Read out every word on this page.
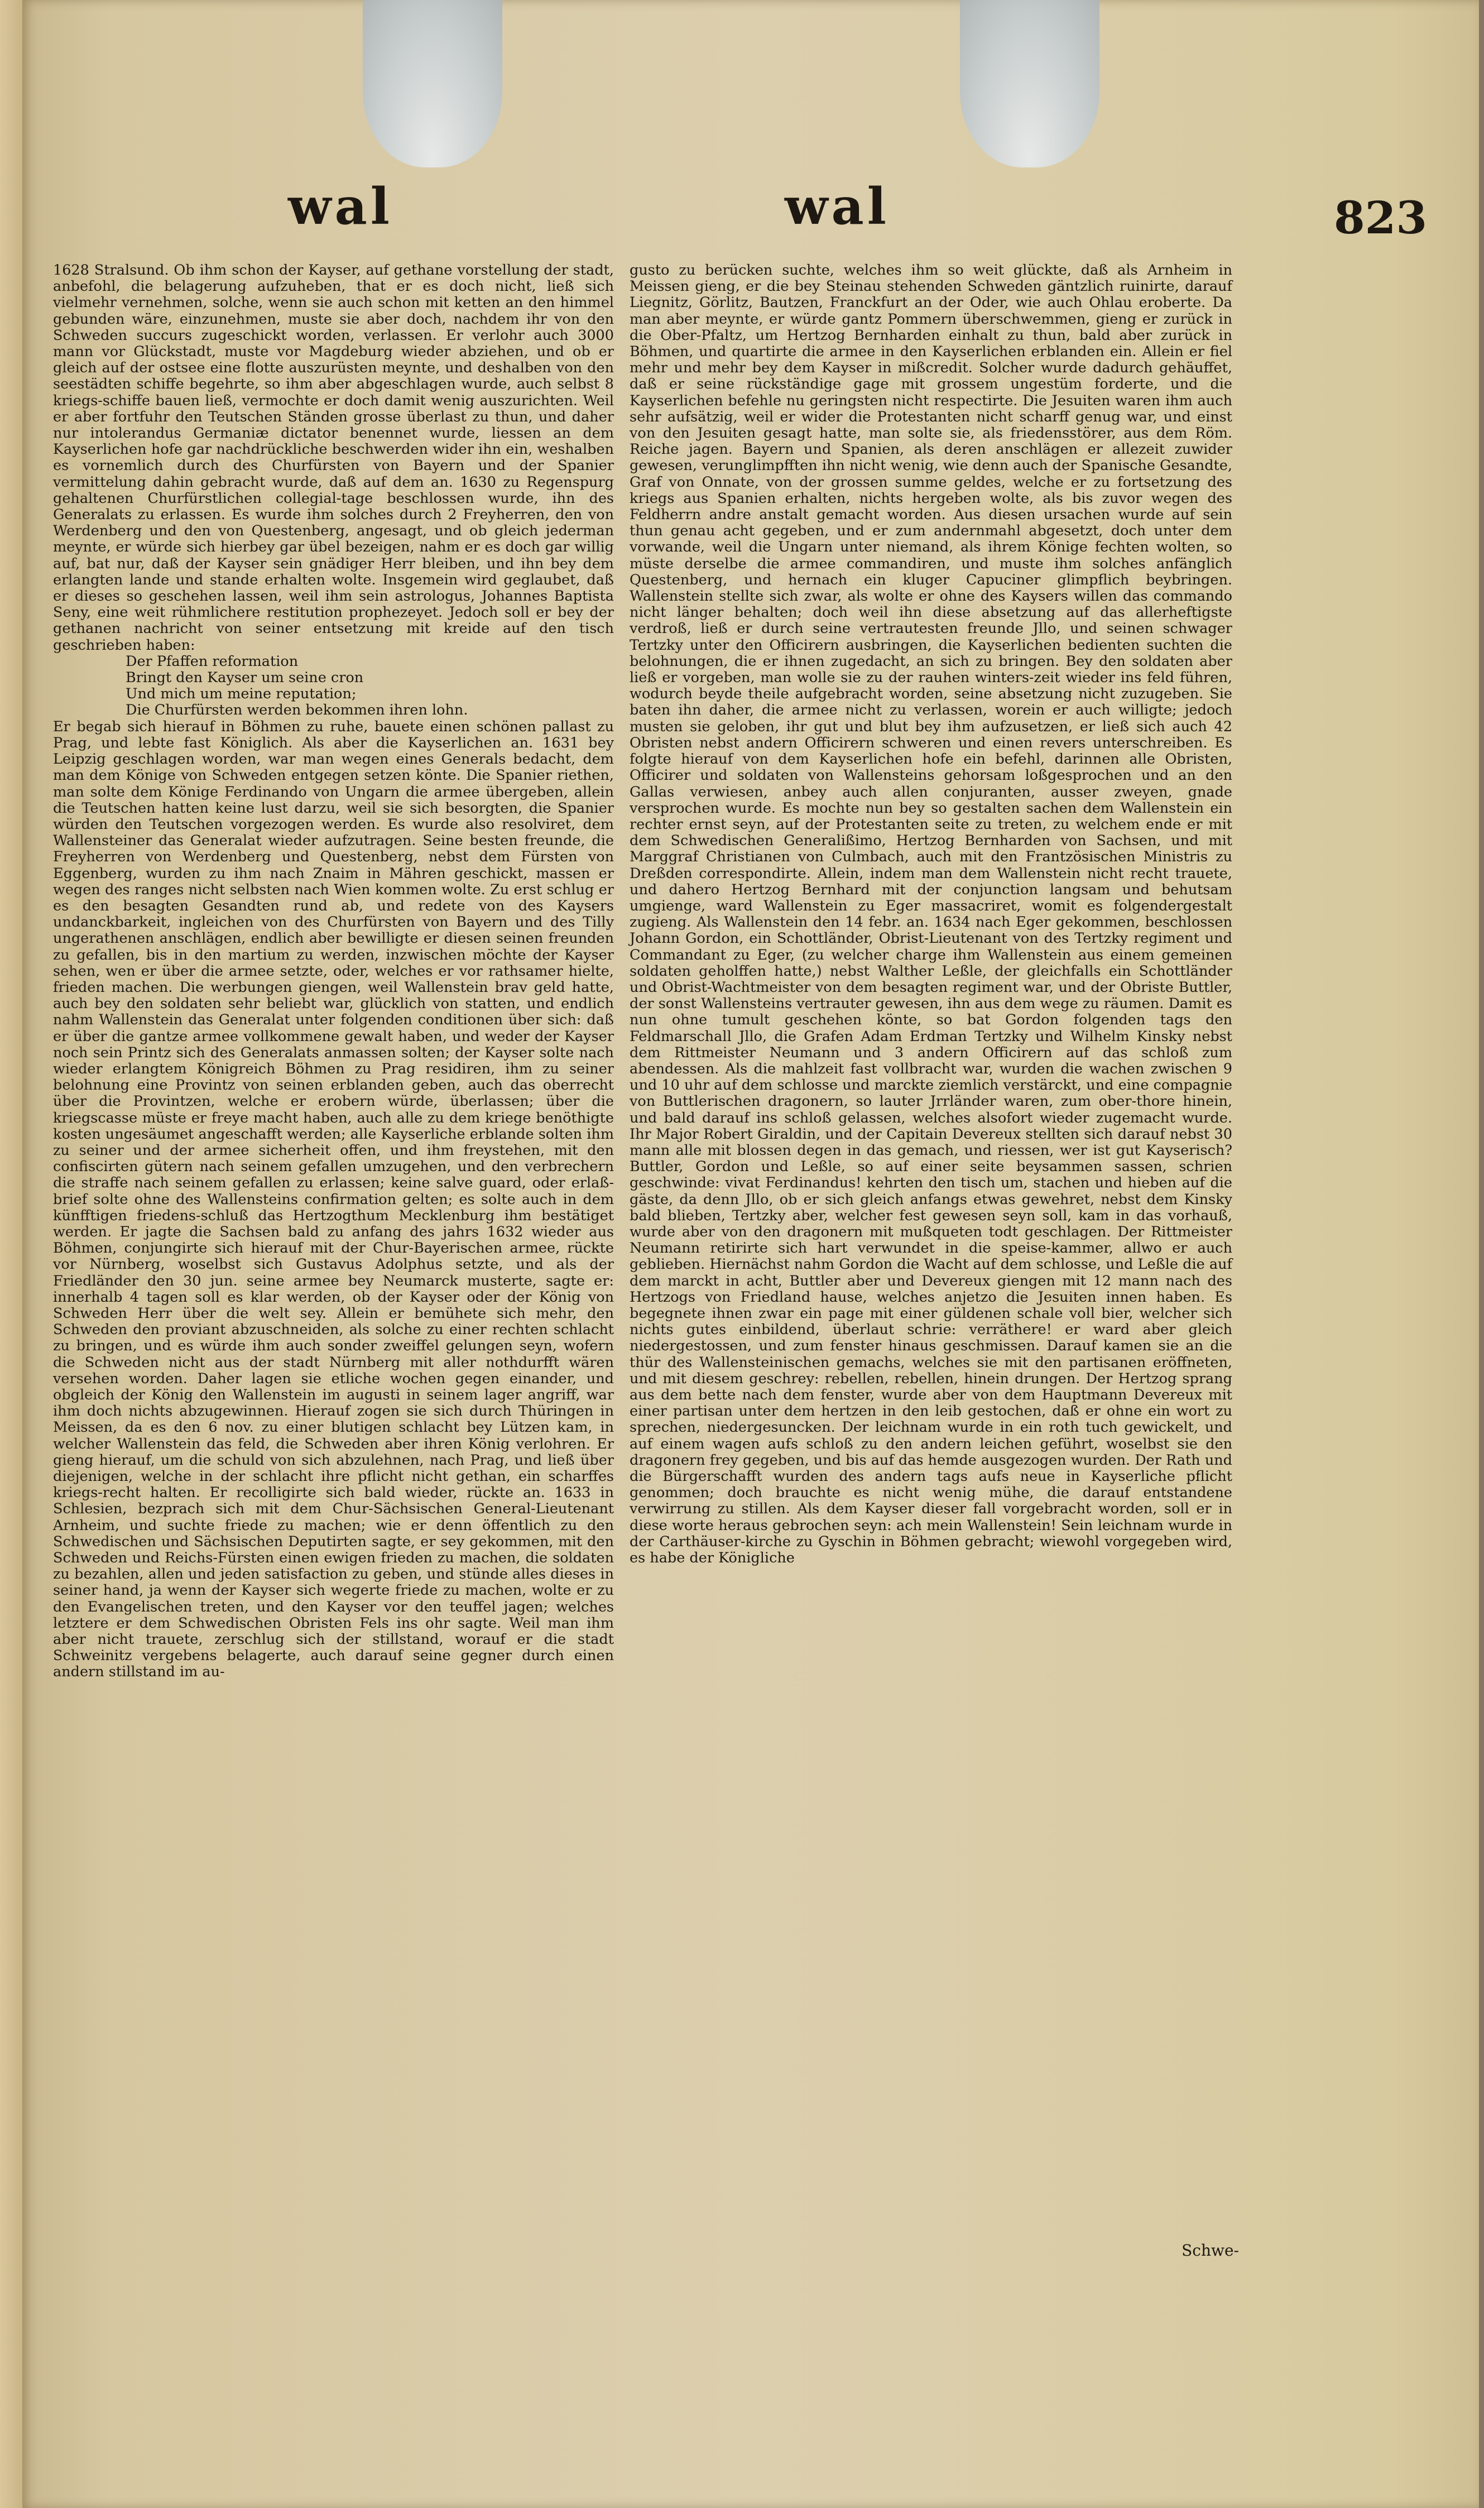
wal	wal	823
1628 Stralsund. Ob ihm schon der Kayser, auf gethane vorstellung der stadt, anbefohl, die belagerung aufzuheben, that er es doch nicht, ließ sich vielmehr vernehmen, solche, wenn sie auch schon mit ketten an den himmel gebunden wäre, einzunehmen, muste sie aber doch, nachdem ihr von den Schweden succurs zugeschickt worden, verlassen. Er verlohr auch 3000 mann vor Glückstadt, muste vor Magdeburg wieder abziehen, und ob er gleich auf der ostsee eine flotte auszurüsten meynte, und deshalben von den seestädten schiffe begehrte, so ihm aber abgeschlagen wurde, auch selbst 8 kriegs-schiffe bauen ließ, vermochte er doch damit wenig auszurichten. Weil er aber fortfuhr den Teutschen Ständen grosse überlast zu thun, und daher nur intolerandus Germaniæ dictator benennet wurde, liessen an dem Kayserlichen hofe gar nachdrückliche beschwerden wider ihn ein, weshalben es vornemlich durch des Churfürsten von Bayern und der Spanier vermittelung dahin gebracht wurde, daß auf dem an. 1630 zu Regenspurg gehaltenen Churfürstlichen collegial-tage beschlossen wurde, ihn des Generalats zu erlassen. Es wurde ihm solches durch 2 Freyherren, den von Werdenberg und den von Questenberg, angesagt, und ob gleich jederman meynte, er würde sich hierbey gar übel bezeigen, nahm er es doch gar willig auf, bat nur, daß der Kayser sein gnädiger Herr bleiben, und ihn bey dem erlangten lande und stande erhalten wolte. Insgemein wird geglaubet, daß er dieses so geschehen lassen, weil ihm sein astrologus, Johannes Baptista Seny, eine weit rühmlichere restitution prophezeyet. Jedoch soll er bey der gethanen nachricht von seiner entsetzung mit kreide auf den tisch geschrieben haben:

Der Pfaffen reformation
Bringt den Kayser um seine cron
Und mich um meine reputation;
Die Churfürsten werden bekommen ihren lohn.
Er begab sich hierauf in Böhmen zu ruhe, bauete einen schönen pallast zu Prag, und lebte fast Königlich. Als aber die Kayserlichen an. 1631 bey Leipzig geschlagen worden, war man wegen eines Generals bedacht, dem man dem Könige von Schweden entgegen setzen könte. Die Spanier riethen, man solte dem Könige Ferdinando von Ungarn die armee übergeben, allein die Teutschen hatten keine lust darzu, weil sie sich besorgten, die Spanier würden den Teutschen vorgezogen werden. Es wurde also resolviret, dem Wallensteiner das Generalat wieder aufzutragen. Seine besten freunde, die Freyherren von Werdenberg und Questenberg, nebst dem Fürsten von Eggenberg, wurden zu ihm nach Znaim in Mähren geschickt, massen er wegen des ranges nicht selbsten nach Wien kommen wolte. Zu erst schlug er es den besagten Gesandten rund ab, und redete von des Kaysers undanckbarkeit, ingleichen von des Churfürsten von Bayern und des Tilly ungerathenen anschlägen, endlich aber bewilligte er diesen seinen freunden zu gefallen, bis in den martium zu werden, inzwischen möchte der Kayser sehen, wen er über die armee setzte, oder, welches er vor rathsamer hielte, frieden machen. Die werbungen giengen, weil Wallenstein brav geld hatte, auch bey den soldaten sehr beliebt war, glücklich von statten, und endlich nahm Wallenstein das Generalat unter folgenden conditionen über sich: daß er über die gantze armee vollkommene gewalt haben, und weder der Kayser noch sein Printz sich des Generalats anmassen solten; der Kayser solte nach wieder erlangtem Königreich Böhmen zu Prag residiren, ihm zu seiner belohnung eine Provintz von seinen erblanden geben, auch das oberrecht über die Provintzen, welche er erobern würde, überlassen; über die kriegscasse müste er freye macht haben, auch alle zu dem kriege benöthigte kosten ungesäumet angeschafft werden; alle Kayserliche erblande solten ihm zu seiner und der armee sicherheit offen, und ihm freystehen, mit den confiscirten gütern nach seinem gefallen umzugehen, und den verbrechern die straffe nach seinem gefallen zu erlassen; keine salve guard, oder erlaß-brief solte ohne des Wallensteins confirmation gelten; es solte auch in dem künfftigen friedens-schluß das Hertzogthum Mecklenburg ihm bestätiget werden. Er jagte die Sachsen bald zu anfang des jahrs 1632 wieder aus Böhmen, conjungirte sich hierauf mit der Chur-Bayerischen armee, rückte vor Nürnberg, woselbst sich Gustavus Adolphus setzte, und als der Friedländer den 30 jun. seine armee bey Neumarck musterte, sagte er: innerhalb 4 tagen soll es klar werden, ob der Kayser oder der König von Schweden Herr über die welt sey. Allein er bemühete sich mehr, den Schweden den proviant abzuschneiden, als solche zu einer rechten schlacht zu bringen, und es würde ihm auch sonder zweiffel gelungen seyn, wofern die Schweden nicht aus der stadt Nürnberg mit aller nothdurfft wären versehen worden. Daher lagen sie etliche wochen gegen einander, und obgleich der König den Wallenstein im augusti in seinem lager angriff, war ihm doch nichts abzugewinnen. Hierauf zogen sie sich durch Thüringen in Meissen, da es den 6 nov. zu einer blutigen schlacht bey Lützen kam, in welcher Wallenstein das feld, die Schweden aber ihren König verlohren. Er gieng hierauf, um die schuld von sich abzulehnen, nach Prag, und ließ über diejenigen, welche in der schlacht ihre pflicht nicht gethan, ein scharffes kriegs-recht halten. Er recolligirte sich bald wieder, rückte an. 1633 in Schlesien, bezprach sich mit dem Chur-Sächsischen General-Lieutenant Arnheim, und suchte friede zu machen; wie er denn öffentlich zu den Schwedischen und Sächsischen Deputirten sagte, er sey gekommen, mit den Schweden und Reichs-Fürsten einen ewigen frieden zu machen, die soldaten zu bezahlen, allen und jeden satisfaction zu geben, und stünde alles dieses in seiner hand, ja wenn der Kayser sich wegerte friede zu machen, wolte er zu den Evangelischen treten, und den Kayser vor den teuffel jagen; welches letztere er dem Schwedischen Obristen Fels ins ohr sagte. Weil man ihm aber nicht trauete, zerschlug sich der stillstand, worauf er die stadt Schweinitz vergebens belagerte, auch darauf seine gegner durch einen andern stillstand im au-
gusto zu berücken suchte, welches ihm so weit glückte, daß als Arnheim in Meissen gieng, er die bey Steinau stehenden Schweden gäntzlich ruinirte, darauf Liegnitz, Görlitz, Bautzen, Franckfurt an der Oder, wie auch Ohlau eroberte. Da man aber meynte, er würde gantz Pommern überschwemmen, gieng er zurück in die Ober-Pfaltz, um Hertzog Bernharden einhalt zu thun, bald aber zurück in Böhmen, und quartirte die armee in den Kayserlichen erblanden ein. Allein er fiel mehr und mehr bey dem Kayser in mißcredit. Solcher wurde dadurch gehäuffet, daß er seine rückständige gage mit grossem ungestüm forderte, und die Kayserlichen befehle nu geringsten nicht respectirte. Die Jesuiten waren ihm auch sehr aufsätzig, weil er wider die Protestanten nicht scharff genug war, und einst von den Jesuiten gesagt hatte, man solte sie, als friedensstörer, aus dem Röm. Reiche jagen. Bayern und Spanien, als deren anschlägen er allezeit zuwider gewesen, verunglimpfften ihn nicht wenig, wie denn auch der Spanische Gesandte, Graf von Onnate, von der grossen summe geldes, welche er zu fortsetzung des kriegs aus Spanien erhalten, nichts hergeben wolte, als bis zuvor wegen des Feldherrn andre anstalt gemacht worden. Aus diesen ursachen wurde auf sein thun genau acht gegeben, und er zum andernmahl abgesetzt, doch unter dem vorwande, weil die Ungarn unter niemand, als ihrem Könige fechten wolten, so müste derselbe die armee commandiren, und muste ihm solches anfänglich Questenberg, und hernach ein kluger Capuciner glimpflich beybringen. Wallenstein stellte sich zwar, als wolte er ohne des Kaysers willen das commando nicht länger behalten; doch weil ihn diese absetzung auf das allerheftigste verdroß, ließ er durch seine vertrautesten freunde Jllo, und seinen schwager Tertzky unter den Officirern ausbringen, die Kayserlichen bedienten suchten die belohnungen, die er ihnen zugedacht, an sich zu bringen. Bey den soldaten aber ließ er vorgeben, man wolle sie zu der rauhen winters-zeit wieder ins feld führen, wodurch beyde theile aufgebracht worden, seine absetzung nicht zuzugeben. Sie baten ihn daher, die armee nicht zu verlassen, worein er auch willigte; jedoch musten sie geloben, ihr gut und blut bey ihm aufzusetzen, er ließ sich auch 42 Obristen nebst andern Officirern schweren und einen revers unterschreiben. Es folgte hierauf von dem Kayserlichen hofe ein befehl, darinnen alle Obristen, Officirer und soldaten von Wallensteins gehorsam loßgesprochen und an den Gallas verwiesen, anbey auch allen conjuranten, ausser zweyen, gnade versprochen wurde. Es mochte nun bey so gestalten sachen dem Wallenstein ein rechter ernst seyn, auf der Protestanten seite zu treten, zu welchem ende er mit dem Schwedischen Generalißimo, Hertzog Bernharden von Sachsen, und mit Marggraf Christianen von Culmbach, auch mit den Frantzösischen Ministris zu Dreßden correspondirte. Allein, indem man dem Wallenstein nicht recht trauete, und dahero Hertzog Bernhard mit der conjunction langsam und behutsam umgienge, ward Wallenstein zu Eger massacriret, womit es folgendergestalt zugieng. Als Wallenstein den 14 febr. an. 1634 nach Eger gekommen, beschlossen Johann Gordon, ein Schottländer, Obrist-Lieutenant von des Tertzky regiment und Commandant zu Eger, (zu welcher charge ihm Wallenstein aus einem gemeinen soldaten geholffen hatte,) nebst Walther Leßle, der gleichfalls ein Schottländer und Obrist-Wachtmeister von dem besagten regiment war, und der Obriste Buttler, der sonst Wallensteins vertrauter gewesen, ihn aus dem wege zu räumen. Damit es nun ohne tumult geschehen könte, so bat Gordon folgenden tags den Feldmarschall Jllo, die Grafen Adam Erdman Tertzky und Wilhelm Kinsky nebst dem Rittmeister Neumann und 3 andern Officirern auf das schloß zum abendessen. Als die mahlzeit fast vollbracht war, wurden die wachen zwischen 9 und 10 uhr auf dem schlosse und marckte ziemlich verstärckt, und eine compagnie von Buttlerischen dragonern, so lauter Jrrländer waren, zum ober-thore hinein, und bald darauf ins schloß gelassen, welches alsofort wieder zugemacht wurde. Ihr Major Robert Giraldin, und der Capitain Devereux stellten sich darauf nebst 30 mann alle mit blossen degen in das gemach, und riessen, wer ist gut Kayserisch? Buttler, Gordon und Leßle, so auf einer seite beysammen sassen, schrien geschwinde: vivat Ferdinandus! kehrten den tisch um, stachen und hieben auf die gäste, da denn Jllo, ob er sich gleich anfangs etwas gewehret, nebst dem Kinsky bald blieben, Tertzky aber, welcher fest gewesen seyn soll, kam in das vorhauß, wurde aber von den dragonern mit mußqueten todt geschlagen. Der Rittmeister Neumann retirirte sich hart verwundet in die speise-kammer, allwo er auch geblieben. Hiernächst nahm Gordon die Wacht auf dem schlosse, und Leßle die auf dem marckt in acht, Buttler aber und Devereux giengen mit 12 mann nach des Hertzogs von Friedland hause, welches anjetzo die Jesuiten innen haben. Es begegnete ihnen zwar ein page mit einer güldenen schale voll bier, welcher sich nichts gutes einbildend, überlaut schrie: verräthere! er ward aber gleich niedergestossen, und zum fenster hinaus geschmissen. Darauf kamen sie an die thür des Wallensteinischen gemachs, welches sie mit den partisanen eröffneten, und mit diesem geschrey: rebellen, rebellen, hinein drungen. Der Hertzog sprang aus dem bette nach dem fenster, wurde aber von dem Hauptmann Devereux mit einer partisan unter dem hertzen in den leib gestochen, daß er ohne ein wort zu sprechen, niedergesuncken. Der leichnam wurde in ein roth tuch gewickelt, und auf einem wagen aufs schloß zu den andern leichen geführt, woselbst sie den dragonern frey gegeben, und bis auf das hemde ausgezogen wurden. Der Rath und die Bürgerschafft wurden des andern tags aufs neue in Kayserliche pflicht genommen; doch brauchte es nicht wenig mühe, die darauf entstandene verwirrung zu stillen. Als dem Kayser dieser fall vorgebracht worden, soll er in diese worte heraus gebrochen seyn: ach mein Wallenstein! Sein leichnam wurde in der Carthäuser-kirche zu Gyschin in Böhmen gebracht; wiewohl vorgegeben wird, es habe der Königliche
Schwe-
